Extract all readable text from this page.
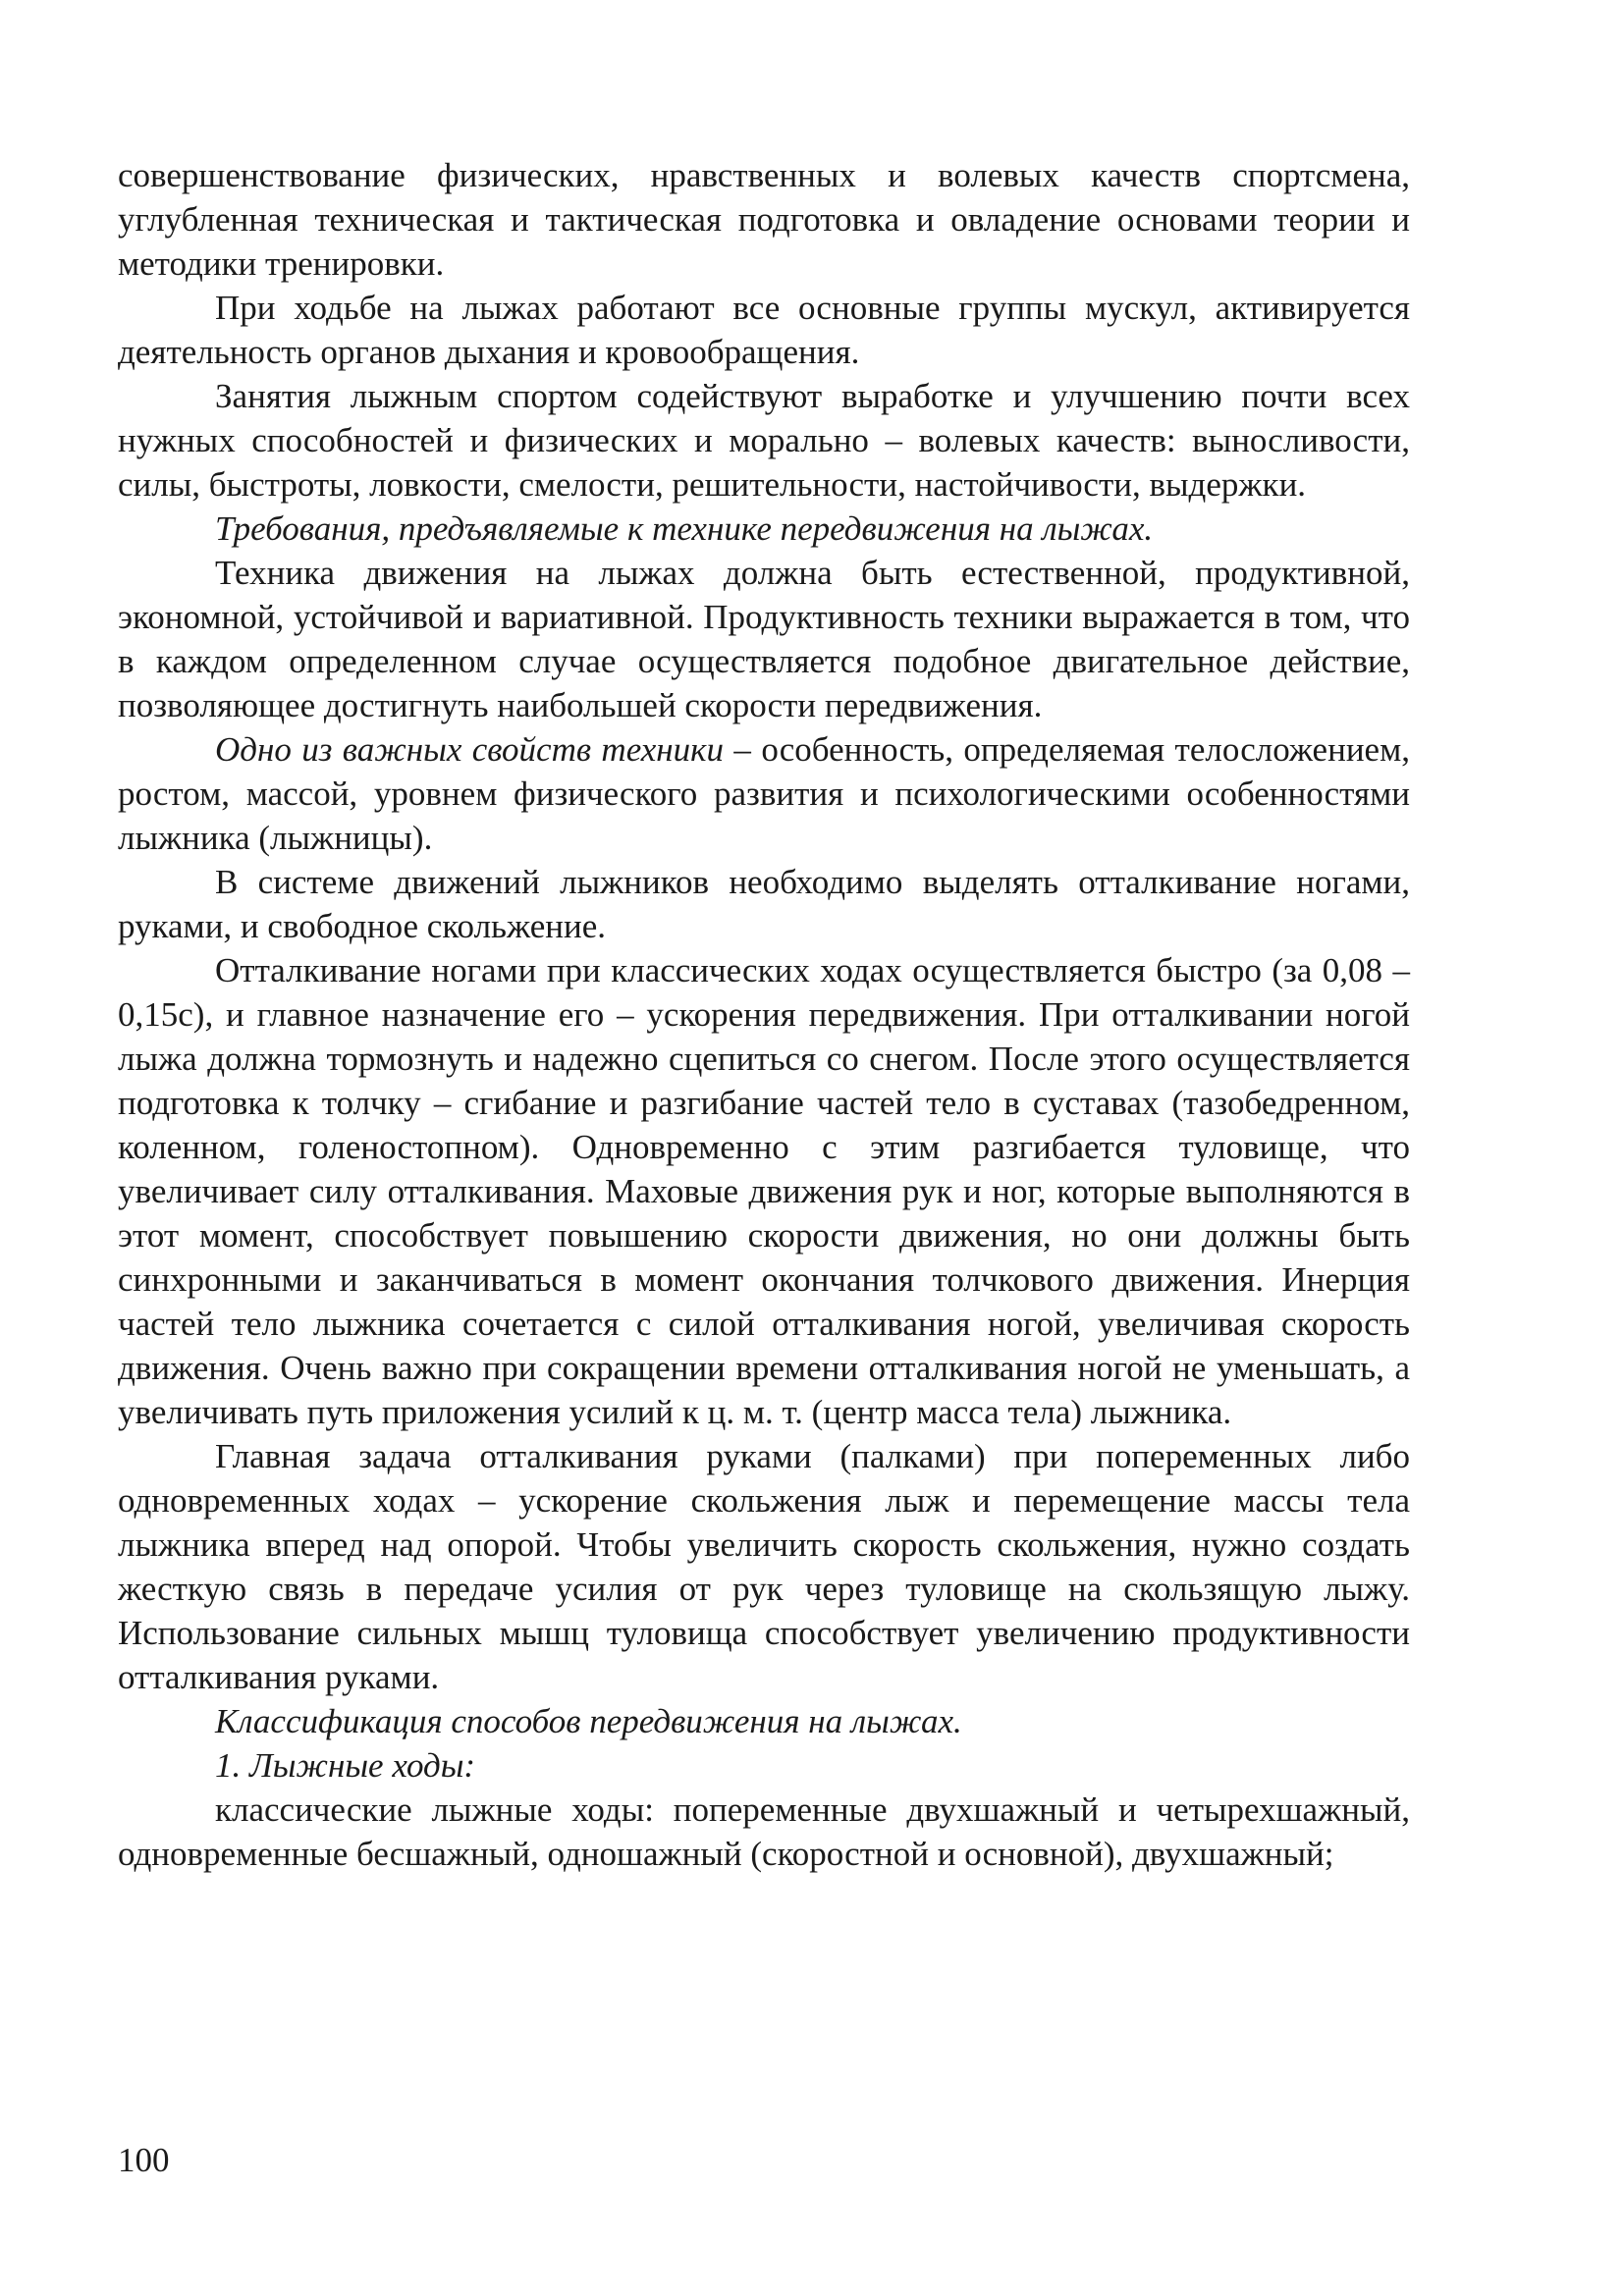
совершенствование физических, нравственных и волевых качеств спортсмена, углубленная техническая и тактическая подготовка и овладение основами теории и методики тренировки.

При ходьбе на лыжах работают все основные группы мускул, активируется деятельность органов дыхания и кровообращения.

Занятия лыжным спортом содействуют выработке и улучшению почти всех нужных способностей и физических и морально – волевых качеств: выносливости, силы, быстроты, ловкости, смелости, решительности, настойчивости, выдержки.

Требования, предъявляемые к технике передвижения на лыжах.

Техника движения на лыжах должна быть естественной, продуктивной, экономной, устойчивой и вариативной. Продуктивность техники выражается в том, что в каждом определенном случае осуществляется подобное двигательное действие, позволяющее достигнуть наибольшей скорости передвижения.

Одно из важных свойств техники – особенность, определяемая телосложением, ростом, массой, уровнем физического развития и психологическими особенностями лыжника (лыжницы).

В системе движений лыжников необходимо выделять отталкивание ногами, руками, и свободное скольжение.

Отталкивание ногами при классических ходах осуществляется быстро (за 0,08 – 0,15с), и главное назначение его – ускорения передвижения. При отталкивании ногой лыжа должна тормознуть и надежно сцепиться со снегом. После этого осуществляется подготовка к толчку – сгибание и разгибание частей тело в суставах (тазобедренном, коленном, голеностопном). Одновременно с этим разгибается туловище, что увеличивает силу отталкивания. Маховые движения рук и ног, которые выполняются в этот момент, способствует повышению скорости движения, но они должны быть синхронными и заканчиваться в момент окончания толчкового движения. Инерция частей тело лыжника сочетается с силой отталкивания ногой, увеличивая скорость движения. Очень важно при сокращении времени отталкивания ногой не уменьшать, а увеличивать путь приложения усилий к ц. м. т. (центр масса тела) лыжника.

Главная задача отталкивания руками (палками) при попеременных либо одновременных ходах – ускорение скольжения лыж и перемещение массы тела лыжника вперед над опорой. Чтобы увеличить скорость скольжения, нужно создать жесткую связь в передаче усилия от рук через туловище на скользящую лыжу. Использование сильных мышц туловища способствует увеличению продуктивности отталкивания руками.

Классификация способов передвижения на лыжах.

1. Лыжные ходы:

классические лыжные ходы: попеременные двухшажный и четырехшажный, одновременные бесшажный, одношажный (скоростной и основной), двухшажный;

100
